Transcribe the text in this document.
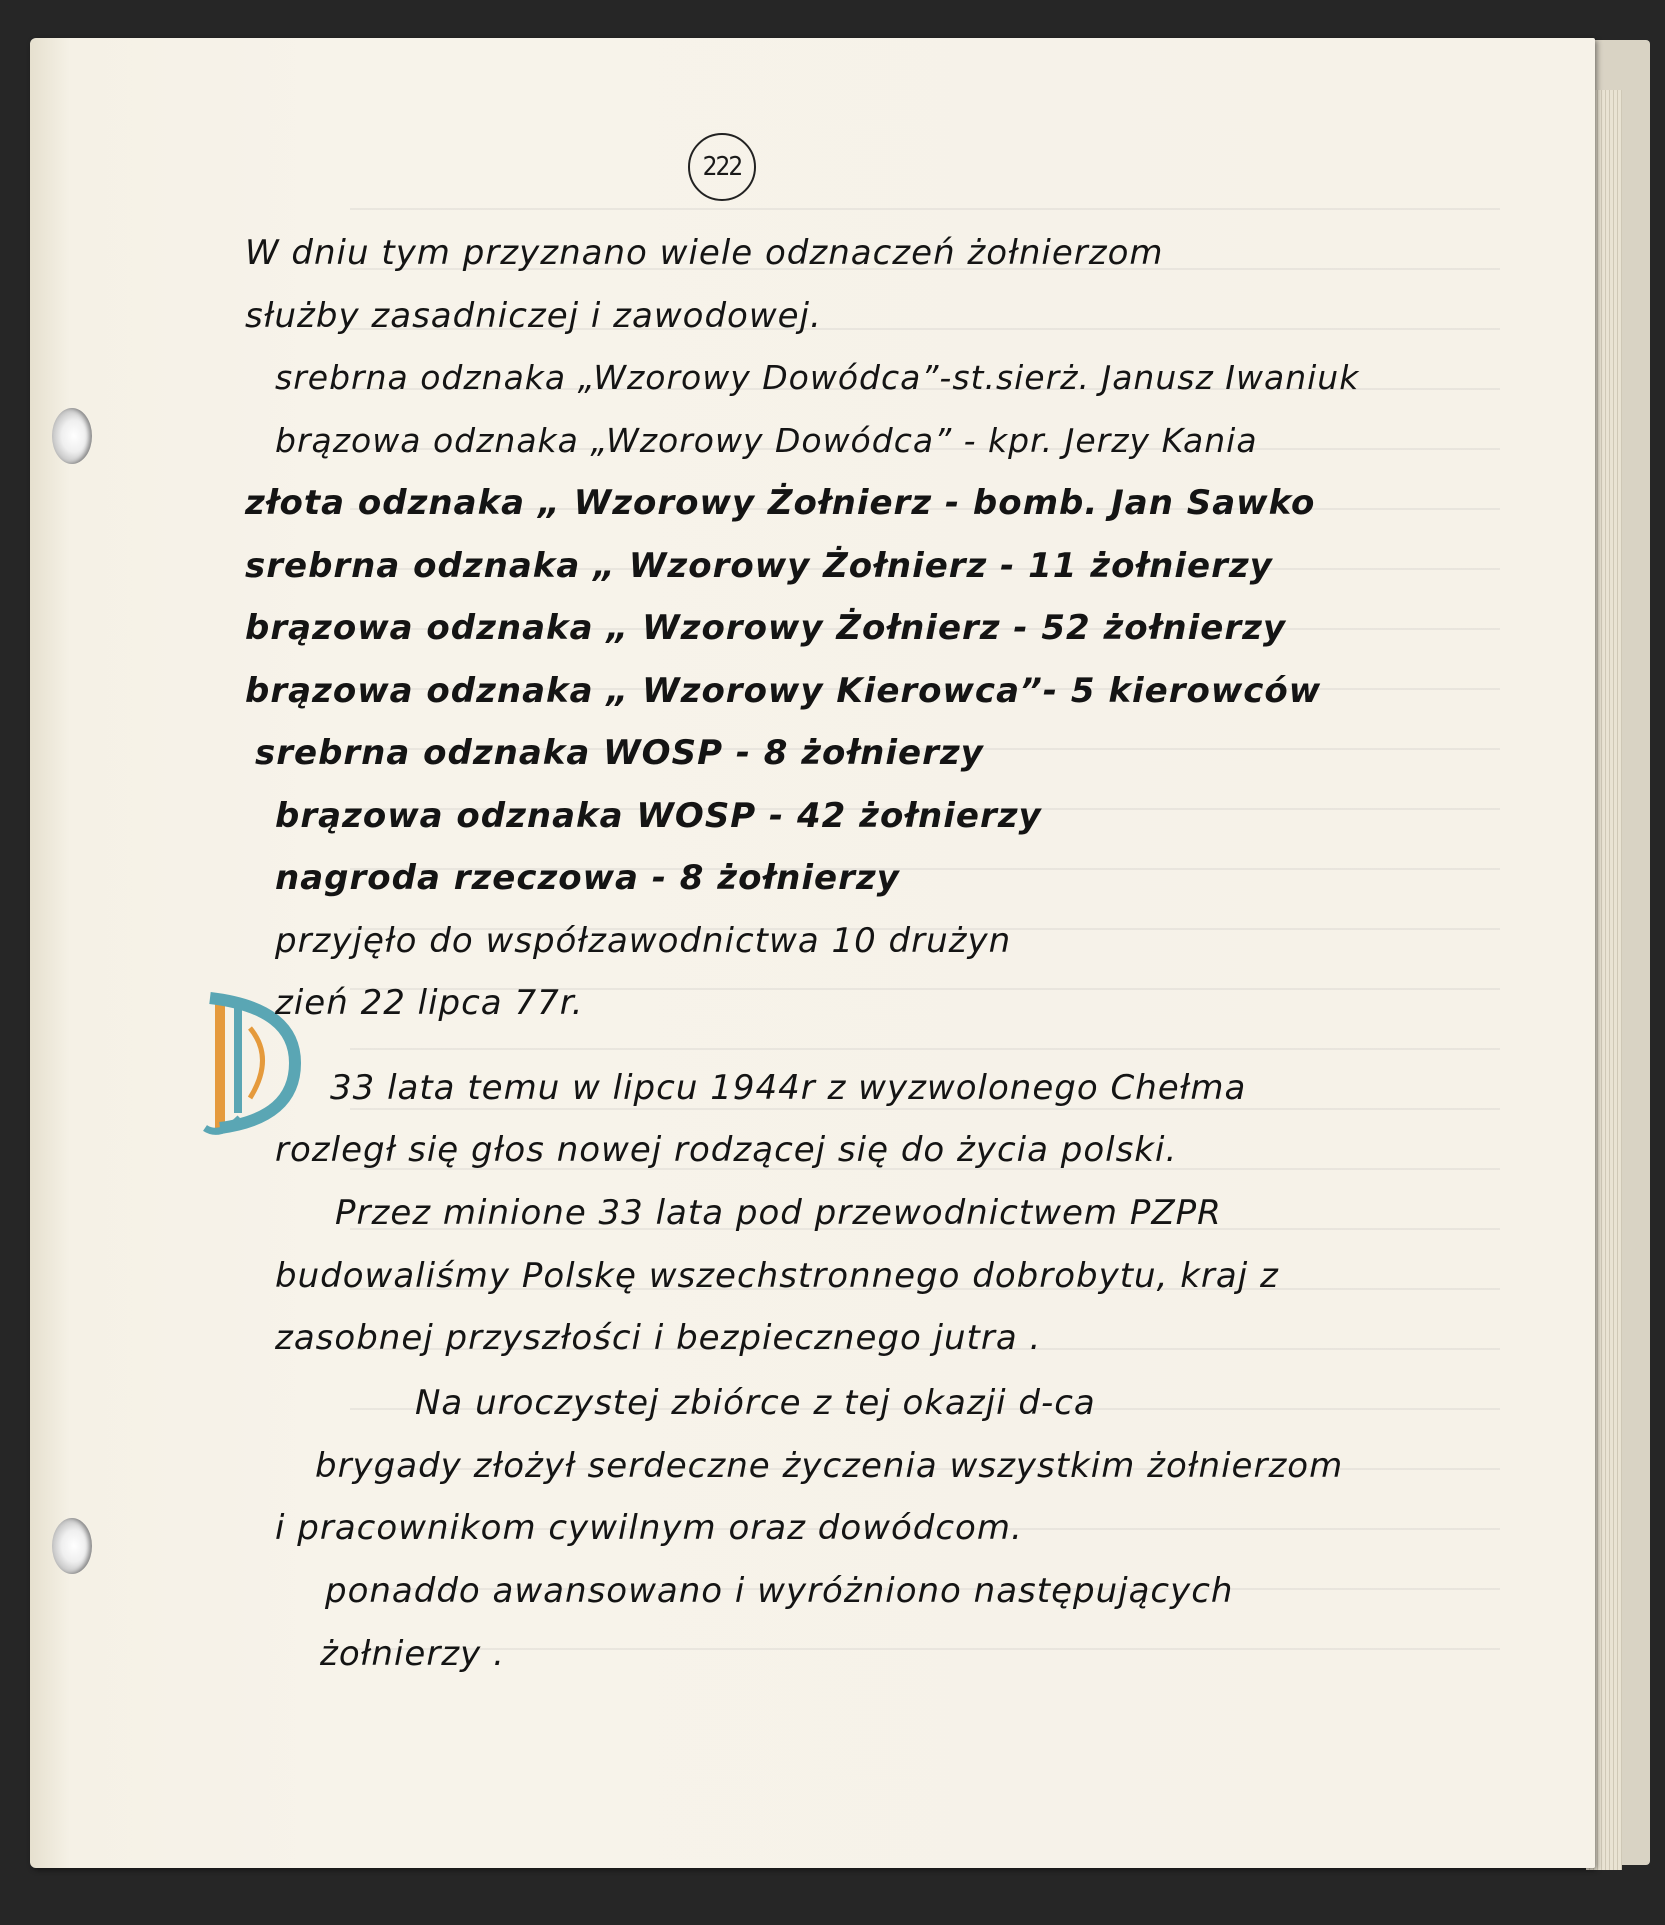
222
W dniu tym przyznano wiele odznaczeń żołnierzom
służby zasadniczej i zawodowej.
srebrna odznaka „Wzorowy Dowódca”-st.sierż. Janusz Iwaniuk
brązowa odznaka „Wzorowy Dowódca” - kpr. Jerzy Kania
złota odznaka „ Wzorowy Żołnierz - bomb. Jan Sawko
srebrna odznaka „ Wzorowy Żołnierz - 11 żołnierzy
brązowa odznaka „ Wzorowy Żołnierz - 52 żołnierzy
brązowa odznaka „ Wzorowy Kierowca”- 5 kierowców
srebrna odznaka WOSP - 8 żołnierzy
brązowa odznaka WOSP - 42 żołnierzy
nagroda rzeczowa - 8 żołnierzy
przyjęło do współzawodnictwa 10 drużyn
zień 22 lipca 77r.
33 lata temu w lipcu 1944r z wyzwolonego Chełma
rozległ się głos nowej rodzącej się do życia polski.
Przez minione 33 lata pod przewodnictwem PZPR
budowaliśmy Polskę wszechstronnego dobrobytu, kraj z
zasobnej przyszłości i bezpiecznego jutra .
Na uroczystej zbiórce z tej okazji d-ca
brygady złożył serdeczne życzenia wszystkim żołnierzom
i pracownikom cywilnym oraz dowódcom.
ponaddo awansowano i wyróżniono następujących
żołnierzy .
